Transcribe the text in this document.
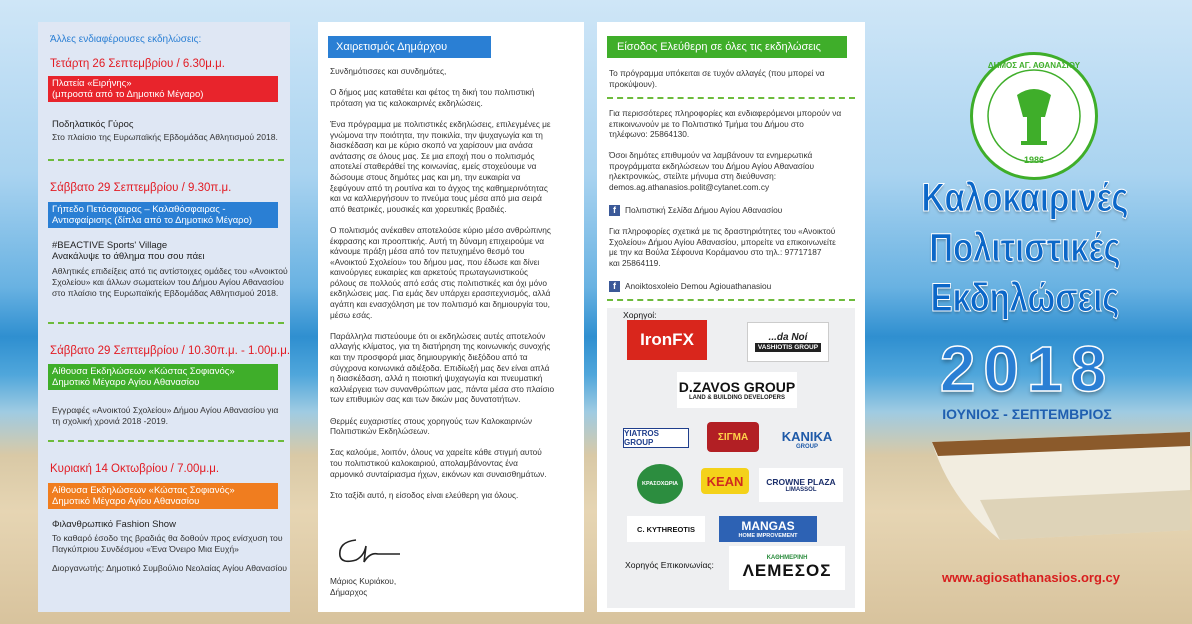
Άλλες ενδιαφέρουσες εκδηλώσεις:
Τετάρτη 26 Σεπτεμβρίου / 6.30μ.μ.
Πλατεία «Ειρήνης»
(μπροστά από το Δημοτικό Μέγαρο)
Ποδηλατικός Γύρος
Στο πλαίσιο της Ευρωπαϊκής Εβδομάδας Αθλητισμού 2018.
Σάββατο 29 Σεπτεμβρίου / 9.30π.μ.
Γήπεδο Πετόσφαιρας – Καλαθόσφαιρας -
Αντισφαίρισης (δίπλα από το Δημοτικό Μέγαρο)
#BEACTIVE Sports' Village
Ανακάλυψε το άθλημα που σου πάει
Αθλητικές επιδείξεις από τις αντίστοιχες ομάδες του «Ανοικτού
Σχολείου» και άλλων σωματείων του Δήμου Αγίου Αθανασίου
στο πλαίσιο της Ευρωπαϊκής Εβδομάδας Αθλητισμού 2018.
Σάββατο 29 Σεπτεμβρίου / 10.30π.μ. - 1.00μ.μ.
Αίθουσα Εκδηλώσεων «Κώστας Σοφιανός»
Δημοτικό Μέγαρο Αγίου Αθανασίου
Εγγραφές «Ανοικτού Σχολείου» Δήμου Αγίου Αθανασίου για
τη σχολική χρονιά 2018 -2019.
Κυριακή 14 Οκτωβρίου / 7.00μ.μ.
Αίθουσα Εκδηλώσεων «Κώστας Σοφιανός»
Δημοτικό Μέγαρο Αγίου Αθανασίου
Φιλανθρωπικό Fashion Show
Το καθαρό έσοδο της βραδιάς θα δοθούν προς ενίσχυση του
Παγκύπριου Συνδέσμου «Ένα Όνειρο Μια Ευχή»
Διοργανωτής: Δημοτικό Συμβούλιο Νεολαίας Αγίου Αθανασίου
Χαιρετισμός Δημάρχου
Συνδημότισσες και συνδημότες,
Ο δήμος μας καταθέτει και φέτος τη δική του πολιτιστική
πρόταση για τις καλοκαιρινές εκδηλώσεις.
Ένα πρόγραμμα με πολιτιστικές εκδηλώσεις, επιλεγμένες με
γνώμονα την ποιότητα, την ποικιλία, την ψυχαγωγία και τη
διασκέδαση και με κύριο σκοπό να χαρίσουν μια ανάσα
ανάτασης σε όλους μας. Σε μια εποχή που ο πολιτισμός
αποτελεί σταθεράθεί της κοινωνίας, εμείς στοχεύουμε να
δώσουμε στους δημότες μας και μη, την ευκαιρία να
ξεφύγουν από τη ρουτίνα και το άγχος της καθημερινότητας
και να καλλιεργήσουν το πνεύμα τους μέσα από μια σειρά
από θεατρικές, μουσικές και χορευτικές βραδιές.
Ο πολιτισμός ανέκαθεν αποτελούσε κύριο μέσο ανθρώπινης
έκφρασης και προοπτικής. Αυτή τη δύναμη επιχειρούμε να
κάνουμε πράξη μέσα από τον πετυχημένο θεσμό του
«Ανοικτού Σχολείου» του δήμου μας, που έδωσε και δίνει
καινούργιες ευκαιρίες και αρκετούς πρωταγωνιστικούς
ρόλους σε πολλούς από εσάς στις πολιτιστικές και όχι μόνο
εκδηλώσεις μας. Για εμάς δεν υπάρχει ερασιτεχνισμός, αλλά
αγάπη και ενασχόληση με τον πολιτισμό και δημιουργία του,
μέσω εσάς.
Παράλληλα πιστεύουμε ότι οι εκδηλώσεις αυτές αποτελούν
αλλαγής κλίματος, για τη διατήρηση της κοινωνικής συνοχής
και την προσφορά μιας δημιουργικής διεξόδου από τα
σύγχρονα κοινωνικά αδιέξοδα. Επιδίωξή μας δεν είναι απλά
η διασκέδαση, αλλά η ποιοτική ψυχαγωγία και πνευματική
καλλιέργεια των συνανθρώπων μας, πάντα μέσα στο πλαίσιο
των επιθυμιών σας και των δικών μας δυνατοτήτων.
Θερμές ευχαριστίες στους χορηγούς των Καλοκαιρινών
Πολιτιστικών Εκδηλώσεων.
Σας καλούμε, λοιπόν, όλους να χαρείτε κάθε στιγμή αυτού
του πολιτιστικού καλοκαιριού, απολαμβάνοντας ένα
αρμονικό συνταίριασμα ήχων, εικόνων και συναισθημάτων.
Στο ταξίδι αυτό, η είσοδος είναι ελεύθερη για όλους.
Μάριος Κυριάκου,
Δήμαρχος
Είσοδος Ελεύθερη σε όλες τις εκδηλώσεις
Το πρόγραμμα υπόκειται σε τυχόν αλλαγές (που μπορεί να
προκύψουν).
Για περισσότερες πληροφορίες και ενδιαφερόμενοι μπορούν να
επικοινωνούν με το Πολιτιστικό Τμήμα του Δήμου στο
τηλέφωνο: 25864130.
Όσοι δημότες επιθυμούν να λαμβάνουν τα ενημερωτικά
προγράμματα εκδηλώσεων του Δήμου Αγίου Αθανασίου
ηλεκτρονικώς, στείλτε μήνυμα στη διεύθυνση:
demos.ag.athanasios.polit@cytanet.com.cy
f Πολιτιστική Σελίδα Δήμου Αγίου Αθανασίου
Για πληροφορίες σχετικά με τις δραστηριότητες του «Ανοικτού
Σχολείου» Δήμου Αγίου Αθανασίου, μπορείτε να επικοινωνείτε
με την κα Βούλα Σέφουνα Κοράμανου στο τηλ.: 97717187
και 25864119.
f Anoiktosxoleio Demou Agiouathanasiou
Χορηγοί:
IronFX	...da Nοί
VASHIOTIS GROUP
D.ZAVOS GROUP
LAND & BUILDING DEVELOPERS
YIATROS GROUP	ΣΙΓΜΑ	KANIKA
GROUP
ΚΡΑΣΟΧΩΡΙΑ	KEAN	CROWNE PLAZA
LIMASSOL
C. KYTHREOTIS	MANGAS
HOME IMPROVEMENT
Χορηγός Επικοινωνίας:
ΚΑΘΗΜΕΡΙΝΗ
ΛΕΜΕΣΟΣ
ΔΗΜΟΣ ΑΓ. ΑΘΑΝΑΣΙΟΥ
1986
Καλοκαιρινές
Πολιτιστικές
Εκδηλώσεις
2018
ΙΟΥΝΙΟΣ - ΣΕΠΤΕΜΒΡΙΟΣ
www.agiosathanasios.org.cy
